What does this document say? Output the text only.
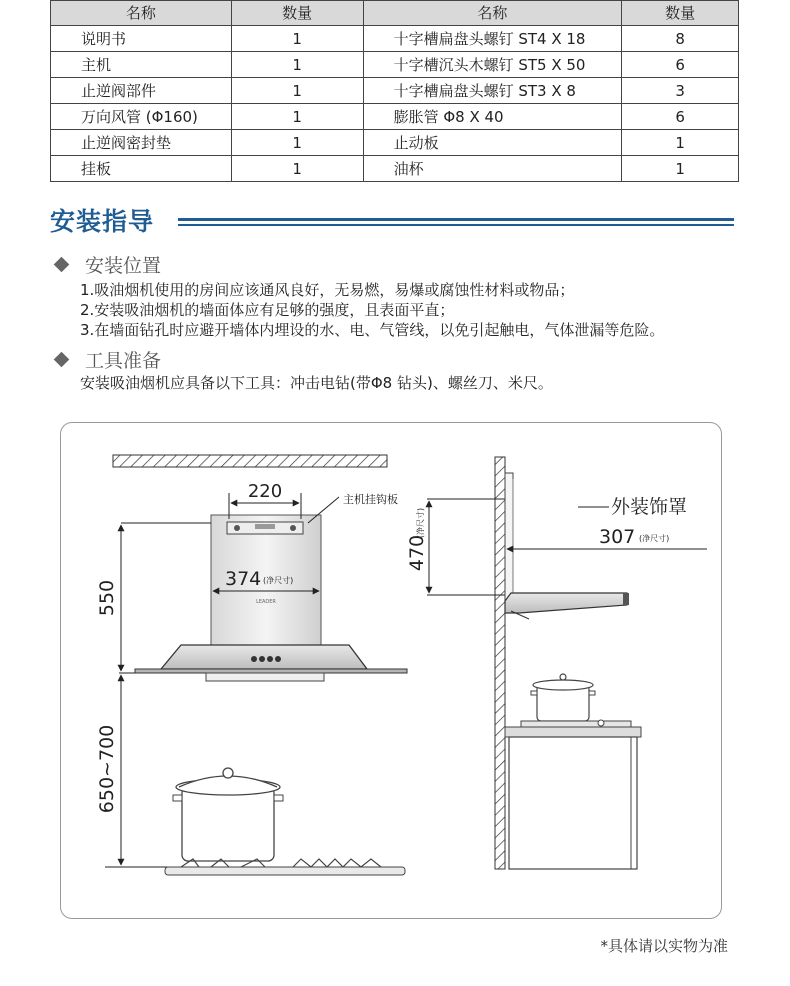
名称	数量	名称	数量
说明书	1	十字槽扁盘头螺钉 ST4 X 18	8
主机	1	十字槽沉头木螺钉 ST5 X 50	6
止逆阀部件	1	十字槽扁盘头螺钉 ST3 X 8	3
万向风管 (Φ160)	1	膨胀管 Φ8 X 40	6
止逆阀密封垫	1	止动板	1
挂板	1	油杯	1
安装指导
安装位置
1.吸油烟机使用的房间应该通风良好，无易燃，易爆或腐蚀性材料或物品；
2.安装吸油烟机的墙面体应有足够的强度，且表面平直；
3.在墙面钻孔时应避开墙体内埋设的水、电、气管线，以免引起触电，气体泄漏等危险。
工具准备
安装吸油烟机应具备以下工具：冲击电钻(带Φ8 钻头)、螺丝刀、米尺。
LEADER
220	主机挂钩板
374 (净尺寸)
550
650~700
470
(净尺寸)
外装饰罩
307 (净尺寸)
*具体请以实物为准
